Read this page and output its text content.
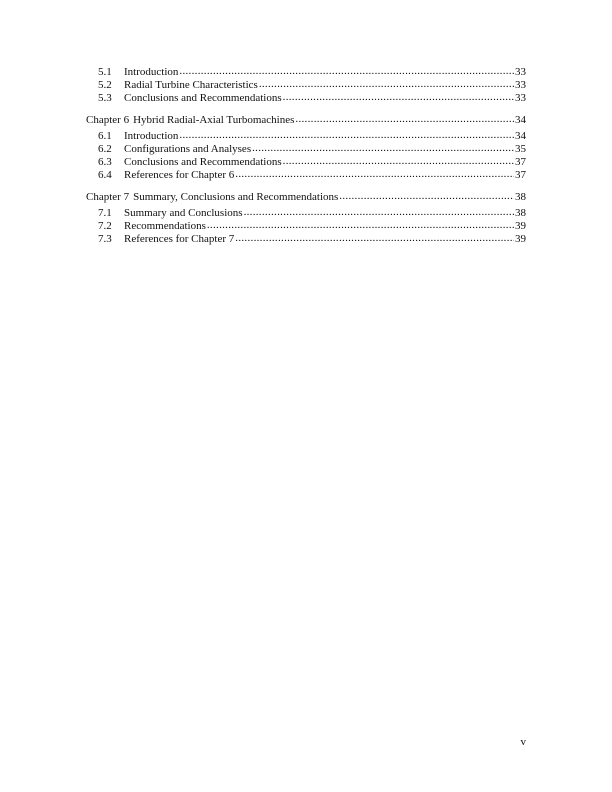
5.1	Introduction .....	33
5.2	Radial Turbine Characteristics .....	33
5.3	Conclusions and Recommendations .....	33
Chapter 6 Hybrid Radial-Axial Turbomachines .....	34
6.1	Introduction .....	34
6.2	Configurations and Analyses .....	35
6.3	Conclusions and Recommendations .....	37
6.4	References for Chapter 6 .....	37
Chapter 7 Summary, Conclusions and Recommendations .....	38
7.1	Summary and Conclusions .....	38
7.2	Recommendations .....	39
7.3	References for Chapter 7 .....	39
v
